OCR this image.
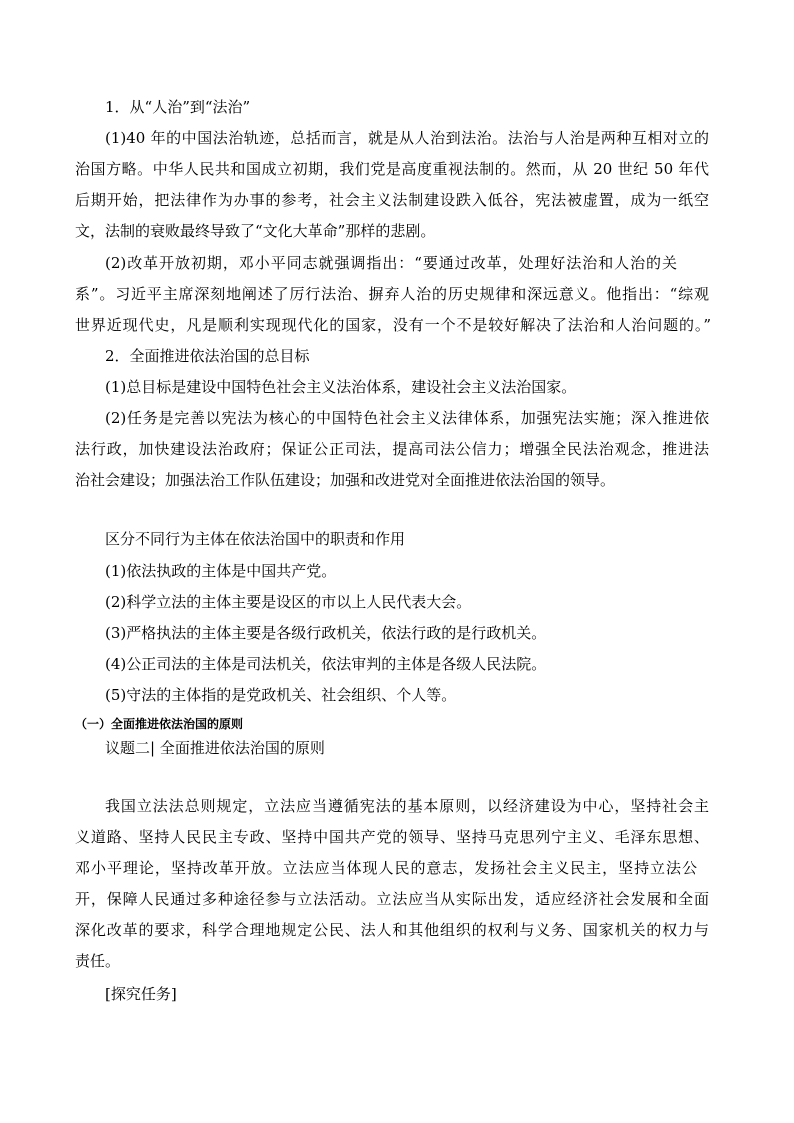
1．从“人治”到“法治”
(1)40 年的中国法治轨迹，总括而言，就是从人治到法治。法治与人治是两种互相对立的
治国方略。中华人民共和国成立初期，我们党是高度重视法制的。然而，从 20 世纪 50 年代
后期开始，把法律作为办事的参考，社会主义法制建设跌入低谷，宪法被虚置，成为一纸空
文，法制的衰败最终导致了“文化大革命”那样的悲剧。
(2)改革开放初期，邓小平同志就强调指出：“要通过改革，处理好法治和人治的关
系”。习近平主席深刻地阐述了厉行法治、摒弃人治的历史规律和深远意义。他指出：“综观
世界近现代史，凡是顺利实现现代化的国家，没有一个不是较好解决了法治和人治问题的。”
2．全面推进依法治国的总目标
(1)总目标是建设中国特色社会主义法治体系，建设社会主义法治国家。
(2)任务是完善以宪法为核心的中国特色社会主义法律体系，加强宪法实施；深入推进依
法行政，加快建设法治政府；保证公正司法，提高司法公信力；增强全民法治观念，推进法
治社会建设；加强法治工作队伍建设；加强和改进党对全面推进依法治国的领导。
区分不同行为主体在依法治国中的职责和作用
(1)依法执政的主体是中国共产党。
(2)科学立法的主体主要是设区的市以上人民代表大会。
(3)严格执法的主体主要是各级行政机关，依法行政的是行政机关。
(4)公正司法的主体是司法机关，依法审判的主体是各级人民法院。
(5)守法的主体指的是党政机关、社会组织、个人等。
（一）全面推进依法治国的原则
议题二| 全面推进依法治国的原则
我国立法法总则规定，立法应当遵循宪法的基本原则，以经济建设为中心，坚持社会主
义道路、坚持人民民主专政、坚持中国共产党的领导、坚持马克思列宁主义、毛泽东思想、
邓小平理论，坚持改革开放。立法应当体现人民的意志，发扬社会主义民主，坚持立法公
开，保障人民通过多种途径参与立法活动。立法应当从实际出发，适应经济社会发展和全面
深化改革的要求，科学合理地规定公民、法人和其他组织的权利与义务、国家机关的权力与
责任。
[探究任务]
